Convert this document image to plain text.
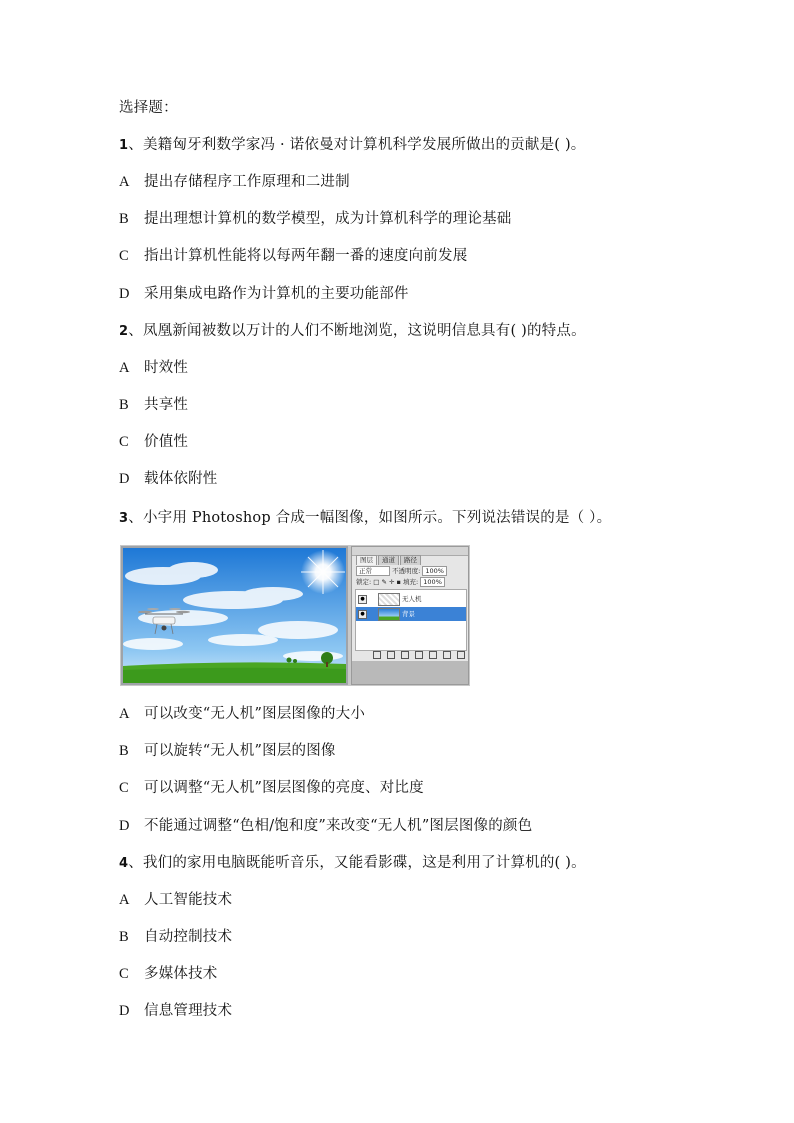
选择题：
1、美籍匈牙利数学家冯 · 诺依曼对计算机科学发展所做出的贡献是( )。
A 提出存储程序工作原理和二进制
B 提出理想计算机的数学模型，成为计算机科学的理论基础
C 指出计算机性能将以每两年翻一番的速度向前发展
D 采用集成电路作为计算机的主要功能部件
2、凤凰新闻被数以万计的人们不断地浏览，这说明信息具有( )的特点。
A 时效性
B 共享性
C 价值性
D 载体依附性
3、小宇用 Photoshop 合成一幅图像，如图所示。下列说法错误的是（ ）。
图层	通道	路径
正常	不透明度: 100%
锁定: □ ✎ ✛ ▪ 填充: 100%
●	无人机
●	背景
A 可以改变“无人机”图层图像的大小
B 可以旋转“无人机”图层的图像
C 可以调整“无人机”图层图像的亮度、对比度
D 不能通过调整“色相/饱和度”来改变“无人机”图层图像的颜色
4、我们的家用电脑既能听音乐，又能看影碟，这是利用了计算机的( )。
A 人工智能技术
B 自动控制技术
C 多媒体技术
D 信息管理技术
